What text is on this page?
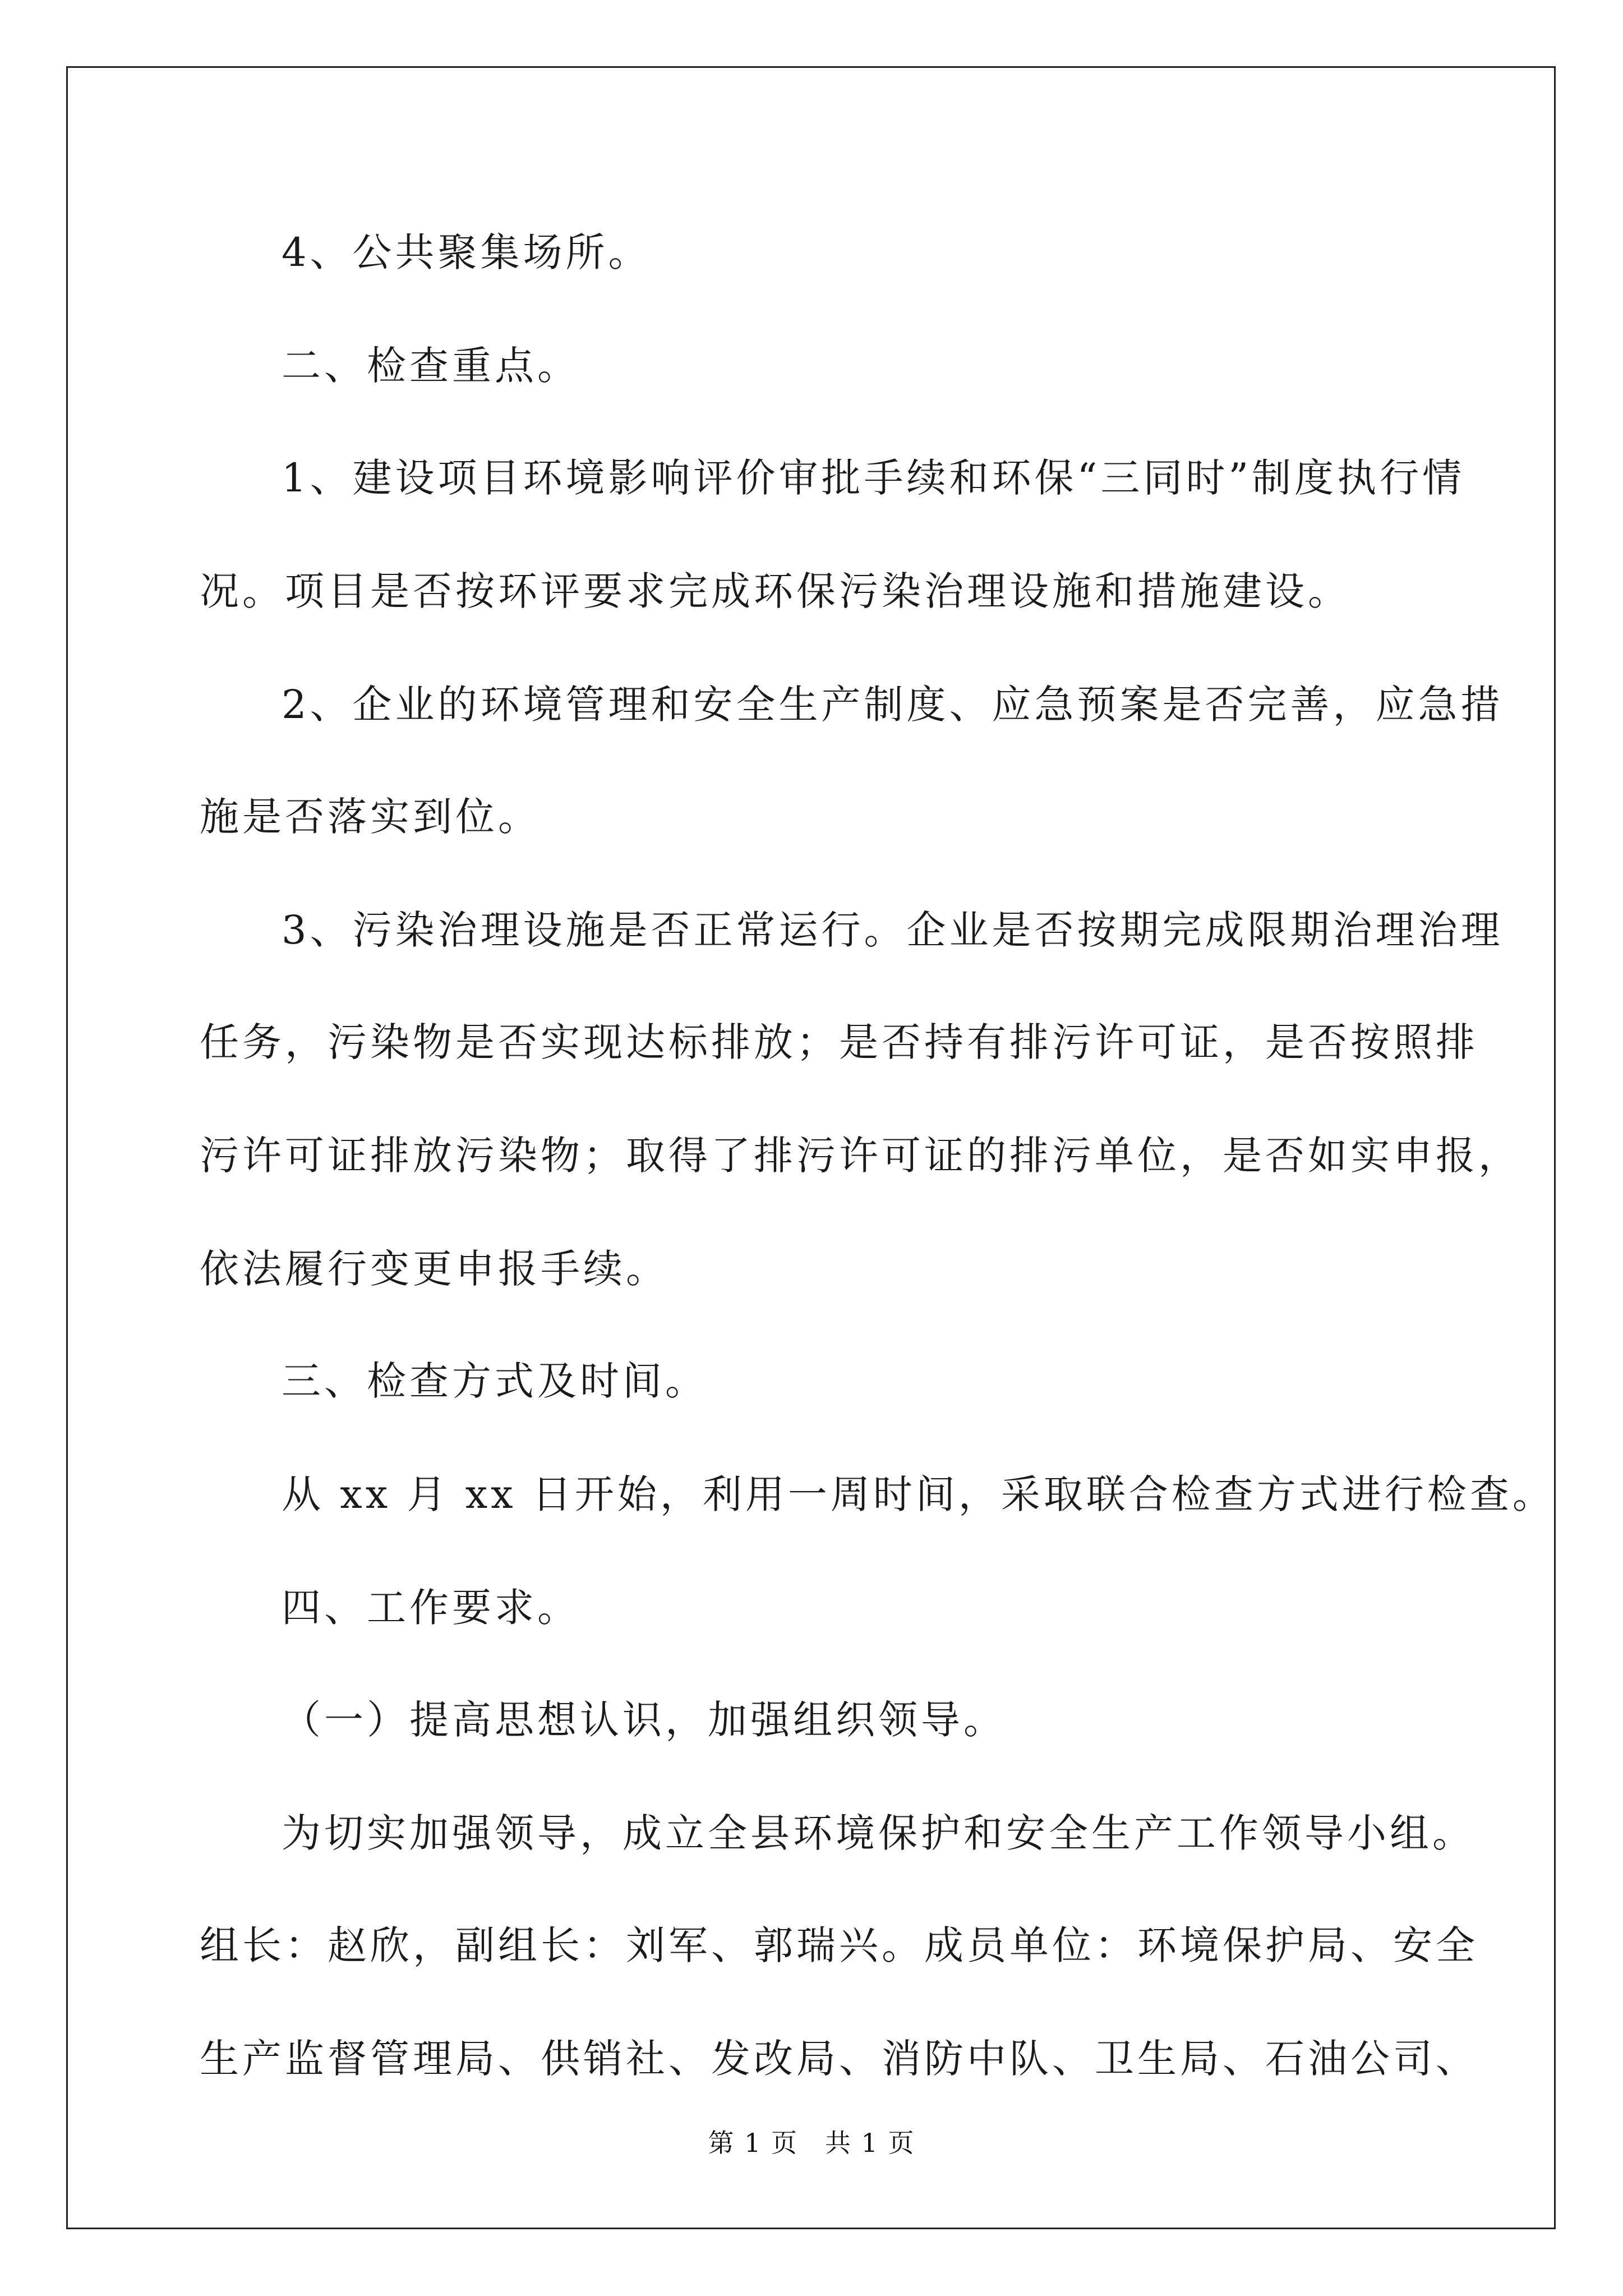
4、公共聚集场所。
二、检查重点。
1、建设项目环境影响评价审批手续和环保“三同时”制度执行情
况。项目是否按环评要求完成环保污染治理设施和措施建设。
2、企业的环境管理和安全生产制度、应急预案是否完善，应急措
施是否落实到位。
3、污染治理设施是否正常运行。企业是否按期完成限期治理治理
任务，污染物是否实现达标排放；是否持有排污许可证，是否按照排
污许可证排放污染物；取得了排污许可证的排污单位，是否如实申报，
依法履行变更申报手续。
三、检查方式及时间。
从 xx 月 xx 日开始，利用一周时间，采取联合检查方式进行检查。
四、工作要求。
（一）提高思想认识，加强组织领导。
为切实加强领导，成立全县环境保护和安全生产工作领导小组。
组长：赵欣，副组长：刘军、郭瑞兴。成员单位：环境保护局、安全
生产监督管理局、供销社、发改局、消防中队、卫生局、石油公司、
第 1 页　共 1 页
